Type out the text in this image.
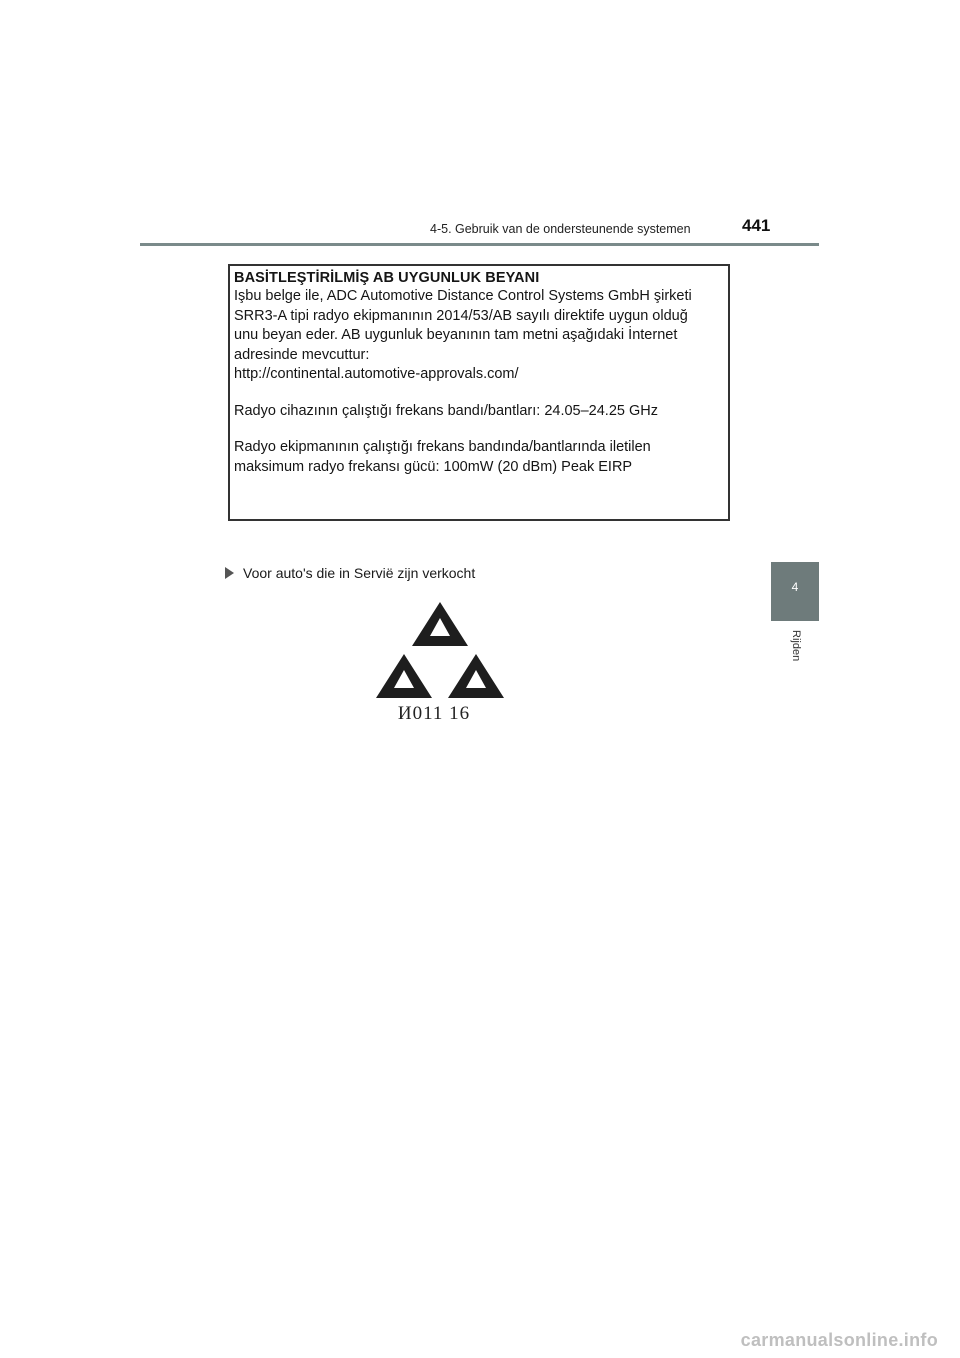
4-5. Gebruik van de ondersteunende systemen	441
4
Rijden
BASİTLEŞTİRİLMİŞ AB UYGUNLUK BEYANI

Işbu belge ile, ADC Automotive Distance Control Systems GmbH şirketi

SRR3-A tipi radyo ekipmanının 2014/53/AB sayılı direktife uygun olduğ

unu beyan eder. AB uygunluk beyanının tam metni aşağıdaki İnternet

adresinde mevcuttur:

http://continental.automotive-approvals.com/

Radyo cihazının çalıştığı frekans bandı/bantları: 24.05–24.25 GHz

Radyo ekipmanının çalıştığı frekans bandında/bantlarında iletilen

maksimum radyo frekansı gücü: 100mW (20 dBm) Peak EIRP

Voor auto's die in Servië zijn verkocht
И011 16
carmanualsonline.info
